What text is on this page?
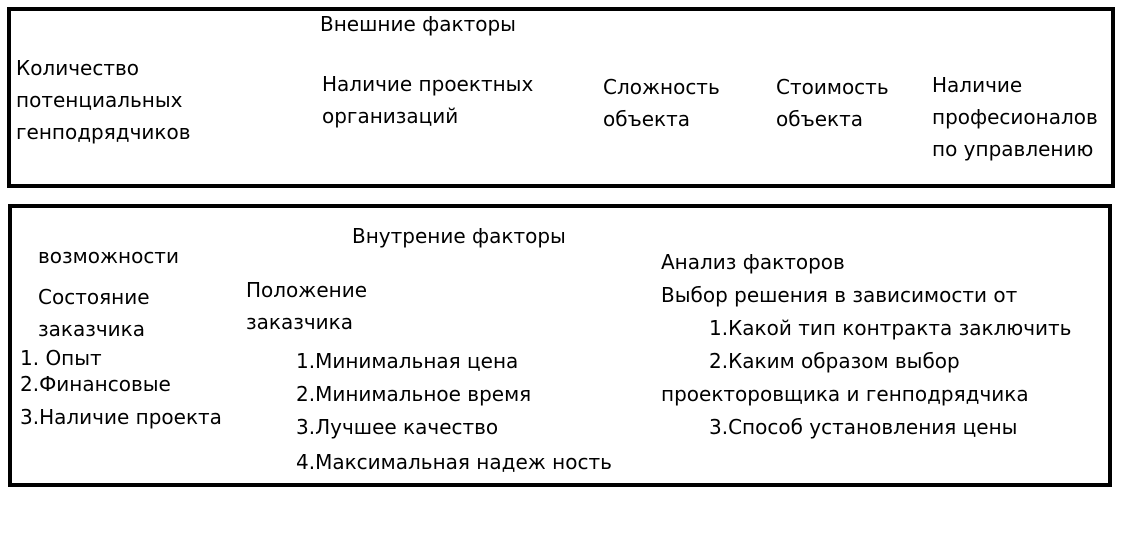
Внешние факторы

Количество
потенциальных
генподрядчиков

Наличие проектных
организаций

Сложность
объекта

Стоимость
объекта

Наличие
професионалов
по управлению

Внутрение факторы

возможности

Состояние
заказчика

1. Опыт

2.Финансовые

3.Наличие проекта

Положение
заказчика

1.Минимальная цена

2.Минимальное время

3.Лучшее качество

4.Максимальная надеж ность

Анализ факторов

Выбор решения в зависимости от

1.Какой тип контракта заключить

2.Каким образом выбор

проекторовщика и генподрядчика

3.Способ установления цены
